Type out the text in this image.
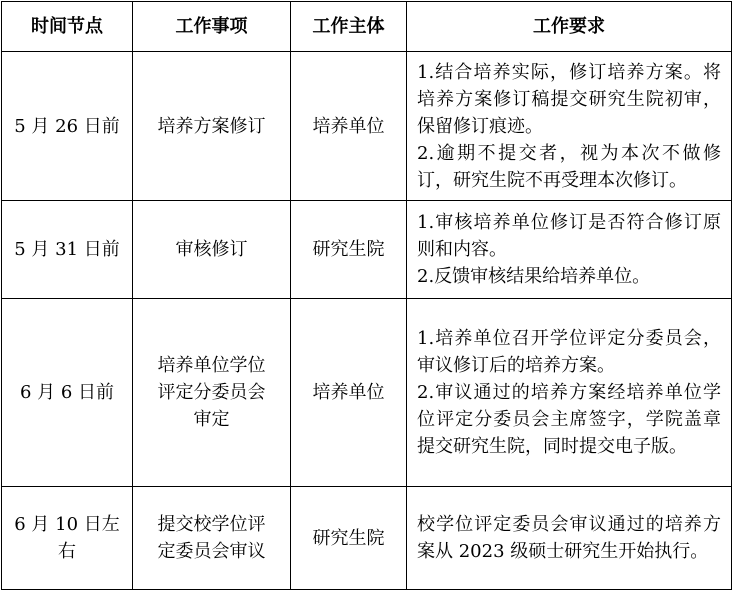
时间节点	工作事项	工作主体	工作要求
5 月 26 日前	培养方案修订	培养单位	1.结合培养实际，修订培养方案。将培养方案修订稿提交研究生院初审，保留修订痕迹。
2.逾期不提交者，视为本次不做修订，研究生院不再受理本次修订。

5 月 31 日前	审核修订	研究生院	1.审核培养单位修订是否符合修订原则和内容。
2.反馈审核结果给培养单位。

6 月 6 日前	培养单位学位
评定分委员会
审定	培养单位	1.培养单位召开学位评定分委员会，审议修订后的培养方案。
2.审议通过的培养方案经培养单位学位评定分委员会主席签字，学院盖章提交研究生院，同时提交电子版。

6 月 10 日左右	提交校学位评
定委员会审议	研究生院	校学位评定委员会审议通过的培养方案从 2023 级硕士研究生开始执行。
